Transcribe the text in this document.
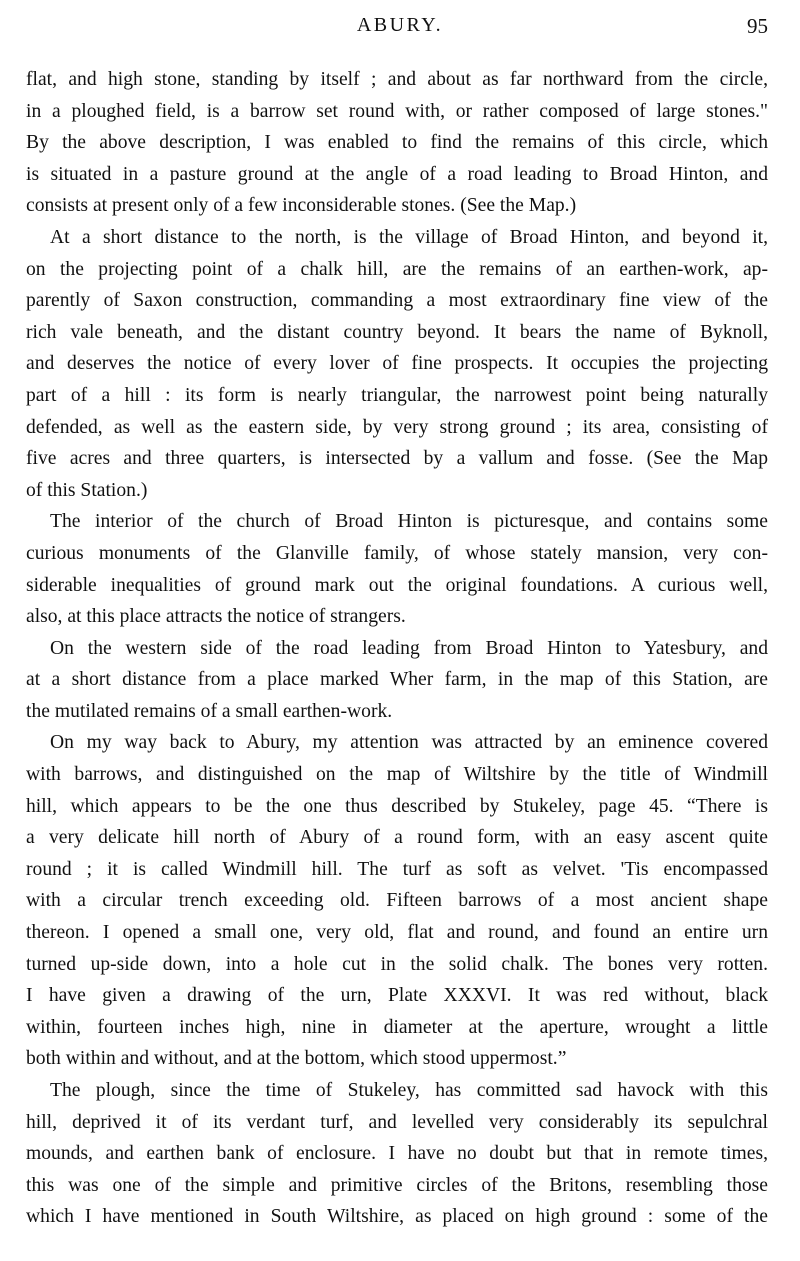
ABURY.	95
flat, and high stone, standing by itself ; and about as far northward from the circle,
in a ploughed field, is a barrow set round with, or rather composed of large stones."
By the above description, I was enabled to find the remains of this circle, which
is situated in a pasture ground at the angle of a road leading to Broad Hinton, and
consists at present only of a few inconsiderable stones. (See the Map.)
At a short distance to the north, is the village of Broad Hinton, and beyond it,
on the projecting point of a chalk hill, are the remains of an earthen-work, ap-
parently of Saxon construction, commanding a most extraordinary fine view of the
rich vale beneath, and the distant country beyond. It bears the name of Byknoll,
and deserves the notice of every lover of fine prospects. It occupies the projecting
part of a hill : its form is nearly triangular, the narrowest point being naturally
defended, as well as the eastern side, by very strong ground ; its area, consisting of
five acres and three quarters, is intersected by a vallum and fosse. (See the Map
of this Station.)
The interior of the church of Broad Hinton is picturesque, and contains some
curious monuments of the Glanville family, of whose stately mansion, very con-
siderable inequalities of ground mark out the original foundations. A curious well,
also, at this place attracts the notice of strangers.
On the western side of the road leading from Broad Hinton to Yatesbury, and
at a short distance from a place marked Wher farm, in the map of this Station, are
the mutilated remains of a small earthen-work.
On my way back to Abury, my attention was attracted by an eminence covered
with barrows, and distinguished on the map of Wiltshire by the title of Windmill
hill, which appears to be the one thus described by Stukeley, page 45. “There is
a very delicate hill north of Abury of a round form, with an easy ascent quite
round ; it is called Windmill hill. The turf as soft as velvet. 'Tis encompassed
with a circular trench exceeding old. Fifteen barrows of a most ancient shape
thereon. I opened a small one, very old, flat and round, and found an entire urn
turned up-side down, into a hole cut in the solid chalk. The bones very rotten.
I have given a drawing of the urn, Plate XXXVI. It was red without, black
within, fourteen inches high, nine in diameter at the aperture, wrought a little
both within and without, and at the bottom, which stood uppermost.”
The plough, since the time of Stukeley, has committed sad havock with this
hill, deprived it of its verdant turf, and levelled very considerably its sepulchral
mounds, and earthen bank of enclosure. I have no doubt but that in remote times,
this was one of the simple and primitive circles of the Britons, resembling those
which I have mentioned in South Wiltshire, as placed on high ground : some of the
